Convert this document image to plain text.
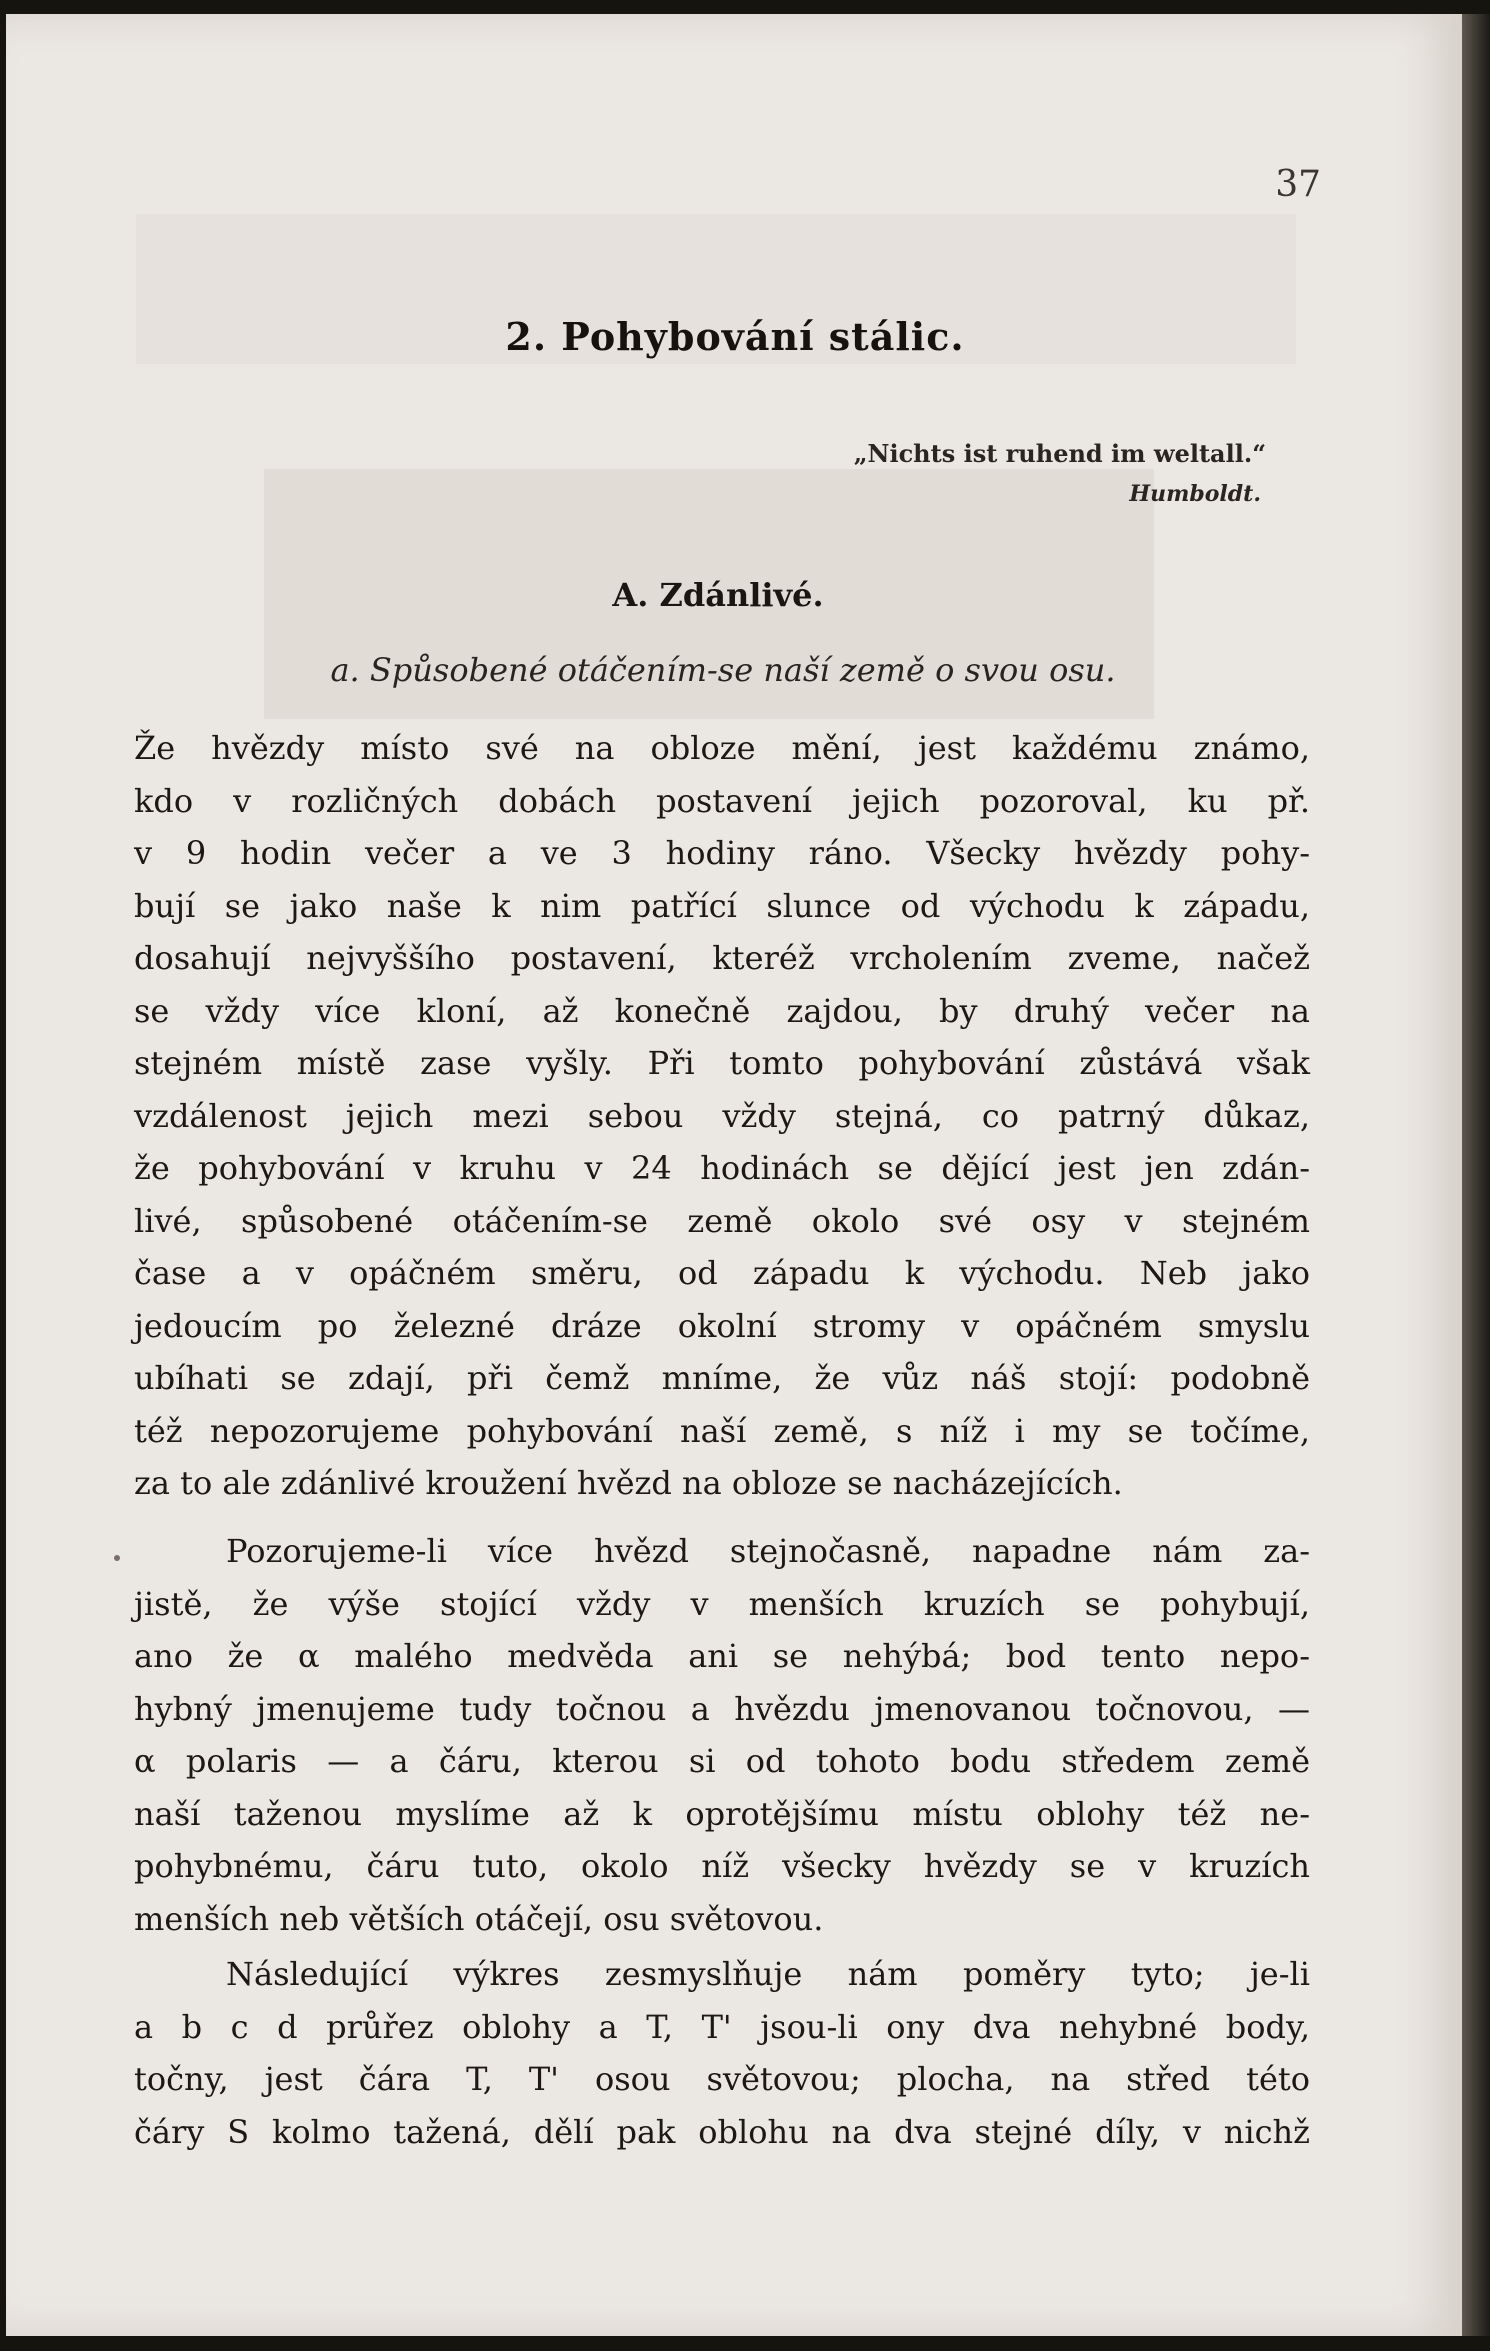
37
2. Pohybování stálic.
„Nichts ist ruhend im weltall.“
Humboldt.
A. Zdánlivé.
a. Spůsobené otáčením-se naší země o svou osu.
Že hvězdy místo své na obloze mění, jest každému známo,
kdo v rozličných dobách postavení jejich pozoroval, ku př.
v 9 hodin večer a ve 3 hodiny ráno. Všecky hvězdy pohy-
bují se jako naše k nim patřící slunce od východu k západu,
dosahují nejvyššího postavení, kteréž vrcholením zveme, načež
se vždy více kloní, až konečně zajdou, by druhý večer na
stejném místě zase vyšly. Při tomto pohybování zůstává však
vzdálenost jejich mezi sebou vždy stejná, co patrný důkaz,
že pohybování v kruhu v 24 hodinách se dějící jest jen zdán-
livé, spůsobené otáčením-se země okolo své osy v stejném
čase a v opáčném směru, od západu k východu. Neb jako
jedoucím po železné dráze okolní stromy v opáčném smyslu
ubíhati se zdají, při čemž mníme, že vůz náš stojí: podobně
též nepozorujeme pohybování naší země, s níž i my se točíme,
za to ale zdánlivé kroužení hvězd na obloze se nacházejících.
Pozorujeme-li více hvězd stejnočasně, napadne nám za-
jistě, že výše stojící vždy v menších kruzích se pohybují,
ano že α malého medvěda ani se nehýbá; bod tento nepo-
hybný jmenujeme tudy točnou a hvězdu jmenovanou točnovou, —
α polaris — a čáru, kterou si od tohoto bodu středem země
naší taženou myslíme až k oprotějšímu místu oblohy též ne-
pohybnému, čáru tuto, okolo níž všecky hvězdy se v kruzích
menších neb větších otáčejí, osu světovou.
Následující výkres zesmyslňuje nám poměry tyto; je-li
a b c d průřez oblohy a T, T' jsou-li ony dva nehybné body,
točny, jest čára T, T' osou světovou; plocha, na střed této
čáry S kolmo tažená, dělí pak oblohu na dva stejné díly, v nichž
